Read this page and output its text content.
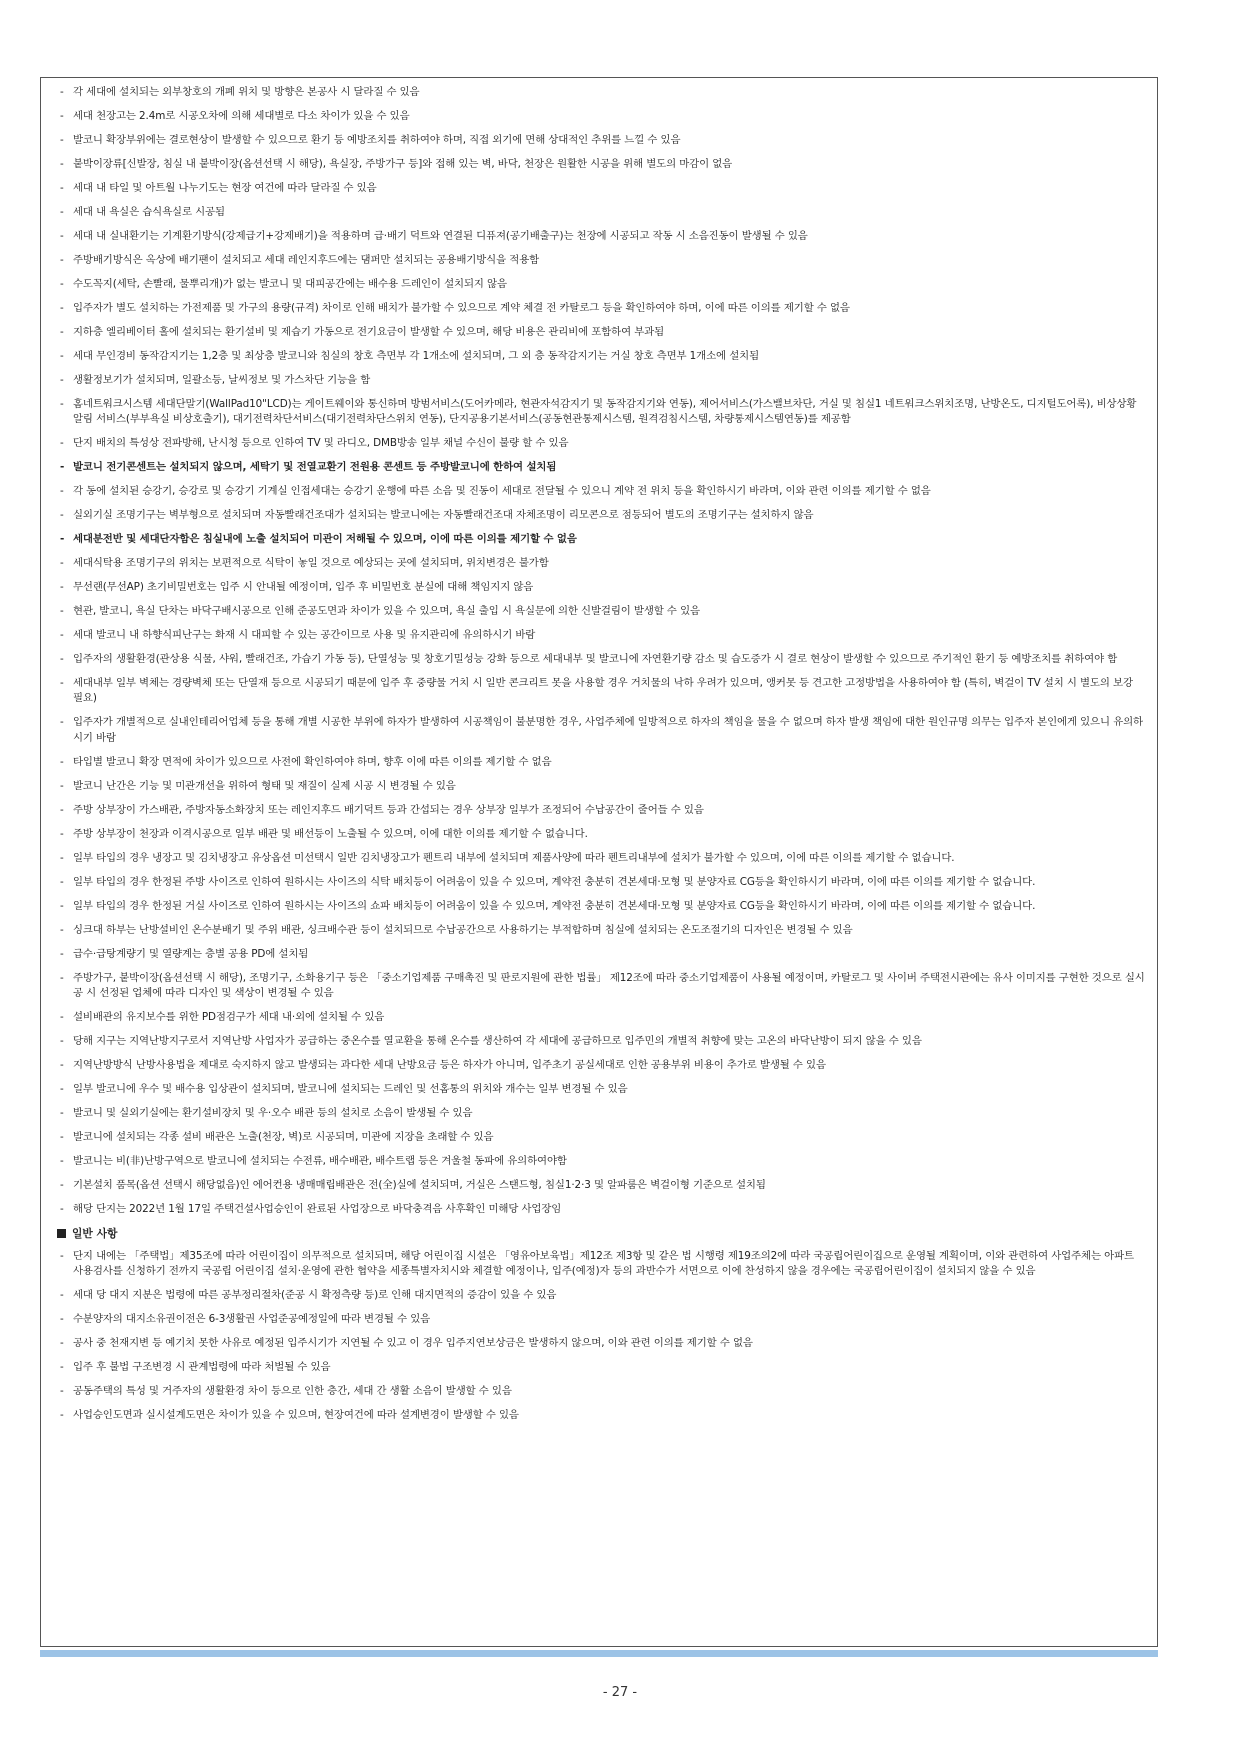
- 각 세대에 설치되는 외부창호의 개폐 위치 및 방향은 본공사 시 달라질 수 있음
- 세대 천장고는 2.4m로 시공오차에 의해 세대별로 다소 차이가 있을 수 있음
- 발코니 확장부위에는 결로현상이 발생할 수 있으므로 환기 등 예방조치를 취하여야 하며, 직접 외기에 면해 상대적인 추위를 느낄 수 있음
- 붙박이장류[신발장, 침실 내 붙박이장(옵션선택 시 해당), 욕실장, 주방가구 등]와 접해 있는 벽, 바닥, 천장은 원활한 시공을 위해 별도의 마감이 없음
- 세대 내 타일 및 아트월 나누기도는 현장 여건에 따라 달라질 수 있음
- 세대 내 욕실은 습식욕실로 시공됨
- 세대 내 실내환기는 기계환기방식(강제급기+강제배기)을 적용하며 급·배기 덕트와 연결된 디퓨져(공기배출구)는 천장에 시공되고 작동 시 소음진동이 발생될 수 있음
- 주방배기방식은 옥상에 배기팬이 설치되고 세대 레인지후드에는 댐퍼만 설치되는 공용배기방식을 적용함
- 수도꼭지(세탁, 손빨래, 물뿌리개)가 없는 발코니 및 대피공간에는 배수용 드레인이 설치되지 않음
- 입주자가 별도 설치하는 가전제품 및 가구의 용량(규격) 차이로 인해 배치가 불가할 수 있으므로 계약 체결 전 카탈로그 등을 확인하여야 하며, 이에 따른 이의를 제기할 수 없음
- 지하층 엘리베이터 홀에 설치되는 환기설비 및 제습기 가동으로 전기요금이 발생할 수 있으며, 해당 비용은 관리비에 포함하여 부과됨
- 세대 무인경비 동작감지기는 1,2층 및 최상층 발코니와 침실의 창호 측면부 각 1개소에 설치되며, 그 외 층 동작감지기는 거실 창호 측면부 1개소에 설치됨
- 생활정보기가 설치되며, 일괄소등, 날씨정보 및 가스차단 기능을 함
- 홈네트워크시스템 세대단말기(WallPad10"LCD)는 게이트웨이와 통신하며 방범서비스(도어카메라, 현관자석감지기 및 동작감지기와 연동), 제어서비스(가스밸브차단, 거실 및 침실1 네트워크스위치조명, 난방온도, 디지털도어록), 비상상황 알림 서비스(부부욕실 비상호출기), 대기전력차단서비스(대기전력차단스위치 연동), 단지공용기본서비스(공동현관통제시스템, 원격검침시스템, 차량통제시스템연동)를 제공함
- 단지 배치의 특성상 전파방해, 난시청 등으로 인하여 TV 및 라디오, DMB방송 일부 채널 수신이 불량 할 수 있음
- 발코니 전기콘센트는 설치되지 않으며, 세탁기 및 전열교환기 전원용 콘센트 등 주방발코니에 한하여 설치됨
- 각 동에 설치된 승강기, 승강로 및 승강기 기계실 인접세대는 승강기 운행에 따른 소음 및 진동이 세대로 전달될 수 있으니 계약 전 위치 등을 확인하시기 바라며, 이와 관련 이의를 제기할 수 없음
- 실외기실 조명기구는 벽부형으로 설치되며 자동빨래건조대가 설치되는 발코니에는 자동빨래건조대 자체조명이 리모콘으로 점등되어 별도의 조명기구는 설치하지 않음
- 세대분전반 및 세대단자함은 침실내에 노출 설치되어 미관이 저해될 수 있으며, 이에 따른 이의를 제기할 수 없음
- 세대식탁용 조명기구의 위치는 보편적으로 식탁이 놓일 것으로 예상되는 곳에 설치되며, 위치변경은 불가함
- 무선랜(무선AP) 초기비밀번호는 입주 시 안내될 예정이며, 입주 후 비밀번호 분실에 대해 책임지지 않음
- 현관, 발코니, 욕실 단차는 바닥구배시공으로 인해 준공도면과 차이가 있을 수 있으며, 욕실 출입 시 욕실문에 의한 신발걸림이 발생할 수 있음
- 세대 발코니 내 하향식피난구는 화재 시 대피할 수 있는 공간이므로 사용 및 유지관리에 유의하시기 바람
- 입주자의 생활환경(관상용 식물, 샤워, 빨래건조, 가습기 가동 등), 단열성능 및 창호기밀성능 강화 등으로 세대내부 및 발코니에 자연환기량 감소 및 습도증가 시 결로 현상이 발생할 수 있으므로 주기적인 환기 등 예방조치를 취하여야 함
- 세대내부 일부 벽체는 경량벽체 또는 단열재 등으로 시공되기 때문에 입주 후 중량물 거치 시 일반 콘크리트 못을 사용할 경우 거치물의 낙하 우려가 있으며, 앵커못 등 견고한 고정방법을 사용하여야 함 (특히, 벽걸이 TV 설치 시 별도의 보강 필요)
- 입주자가 개별적으로 실내인테리어업체 등을 통해 개별 시공한 부위에 하자가 발생하여 시공책임이 불분명한 경우, 사업주체에 일방적으로 하자의 책임을 물을 수 없으며 하자 발생 책임에 대한 원인규명 의무는 입주자 본인에게 있으니 유의하시기 바람
- 타입별 발코니 확장 면적에 차이가 있으므로 사전에 확인하여야 하며, 향후 이에 따른 이의를 제기할 수 없음
- 발코니 난간은 기능 및 미관개선을 위하여 형태 및 재질이 실제 시공 시 변경될 수 있음
- 주방 상부장이 가스배관, 주방자동소화장치 또는 레인지후드 배기덕트 등과 간섭되는 경우 상부장 일부가 조정되어 수납공간이 줄어들 수 있음
- 주방 상부장이 천장과 이격시공으로 일부 배관 및 배선등이 노출될 수 있으며, 이에 대한 이의를 제기할 수 없습니다.
- 일부 타입의 경우 냉장고 및 김치냉장고 유상옵션 미선택시 일반 김치냉장고가 펜트리 내부에 설치되며 제품사양에 따라 펜트리내부에 설치가 불가할 수 있으며, 이에 따른 이의를 제기할 수 없습니다.
- 일부 타입의 경우 한정된 주방 사이즈로 인하여 원하시는 사이즈의 식탁 배치등이 어려움이 있을 수 있으며, 계약전 충분히 견본세대·모형 및 분양자료 CG등을 확인하시기 바라며, 이에 따른 이의를 제기할 수 없습니다.
- 일부 타입의 경우 한정된 거실 사이즈로 인하여 원하시는 사이즈의 쇼파 배치등이 어려움이 있을 수 있으며, 계약전 충분히 견본세대·모형 및 분양자료 CG등을 확인하시기 바라며, 이에 따른 이의를 제기할 수 없습니다.
- 싱크대 하부는 난방설비인 온수분배기 및 주위 배관, 싱크배수관 등이 설치되므로 수납공간으로 사용하기는 부적합하며 침실에 설치되는 온도조절기의 디자인은 변경될 수 있음
- 급수·급탕계량기 및 열량계는 층별 공용 PD에 설치됨
- 주방가구, 붙박이장(옵션선택 시 해당), 조명기구, 소화용기구 등은 「중소기업제품 구매촉진 및 판로지원에 관한 법률」 제12조에 따라 중소기업제품이 사용될 예정이며, 카탈로그 및 사이버 주택전시관에는 유사 이미지를 구현한 것으로 실시공 시 선정된 업체에 따라 디자인 및 색상이 변경될 수 있음
- 설비배관의 유지보수를 위한 PD점검구가 세대 내·외에 설치될 수 있음
- 당해 지구는 지역난방지구로서 지역난방 사업자가 공급하는 중온수를 열교환을 통해 온수를 생산하여 각 세대에 공급하므로 입주민의 개별적 취향에 맞는 고온의 바닥난방이 되지 않을 수 있음
- 지역난방방식 난방사용법을 제대로 숙지하지 않고 발생되는 과다한 세대 난방요금 등은 하자가 아니며, 입주초기 공실세대로 인한 공용부위 비용이 추가로 발생될 수 있음
- 일부 발코니에 우수 및 배수용 입상관이 설치되며, 발코니에 설치되는 드레인 및 선홈통의 위치와 개수는 일부 변경될 수 있음
- 발코니 및 실외기실에는 환기설비장치 및 우·오수 배관 등의 설치로 소음이 발생될 수 있음
- 발코니에 설치되는 각종 설비 배관은 노출(천장, 벽)로 시공되며, 미관에 지장을 초래할 수 있음
- 발코니는 비(非)난방구역으로 발코니에 설치되는 수전류, 배수배관, 배수트랩 등은 겨울철 동파에 유의하여야함
- 기본설치 품목(옵션 선택시 해당없음)인 에어컨용 냉매매립배관은 전(全)실에 설치되며, 거실은 스탠드형, 침실1·2·3 및 알파룸은 벽걸이형 기준으로 설치됨
- 해당 단지는 2022년 1월 17일 주택건설사업승인이 완료된 사업장으로 바닥충격음 사후확인 미해당 사업장임
일반 사항
- 단지 내에는 「주택법」제35조에 따라 어린이집이 의무적으로 설치되며, 해당 어린이집 시설은 「영유아보육법」제12조 제3항 및 같은 법 시행령 제19조의2에 따라 국공립어린이집으로 운영될 계획이며, 이와 관련하여 사업주체는 아파트 사용검사를 신청하기 전까지 국공립 어린이집 설치·운영에 관한 협약을 세종특별자치시와 체결할 예정이나, 입주(예정)자 등의 과반수가 서면으로 이에 찬성하지 않을 경우에는 국공립어린이집이 설치되지 않을 수 있음
- 세대 당 대지 지분은 법령에 따른 공부정리절차(준공 시 확정측량 등)로 인해 대지면적의 증감이 있을 수 있음
- 수분양자의 대지소유권이전은 6-3생활권 사업준공예정일에 따라 변경될 수 있음
- 공사 중 천재지변 등 예기치 못한 사유로 예정된 입주시기가 지연될 수 있고 이 경우 입주지연보상금은 발생하지 않으며, 이와 관련 이의를 제기할 수 없음
- 입주 후 불법 구조변경 시 관계법령에 따라 처벌될 수 있음
- 공동주택의 특성 및 거주자의 생활환경 차이 등으로 인한 층간, 세대 간 생활 소음이 발생할 수 있음
- 사업승인도면과 실시설계도면은 차이가 있을 수 있으며, 현장여건에 따라 설계변경이 발생할 수 있음
- 27 -
